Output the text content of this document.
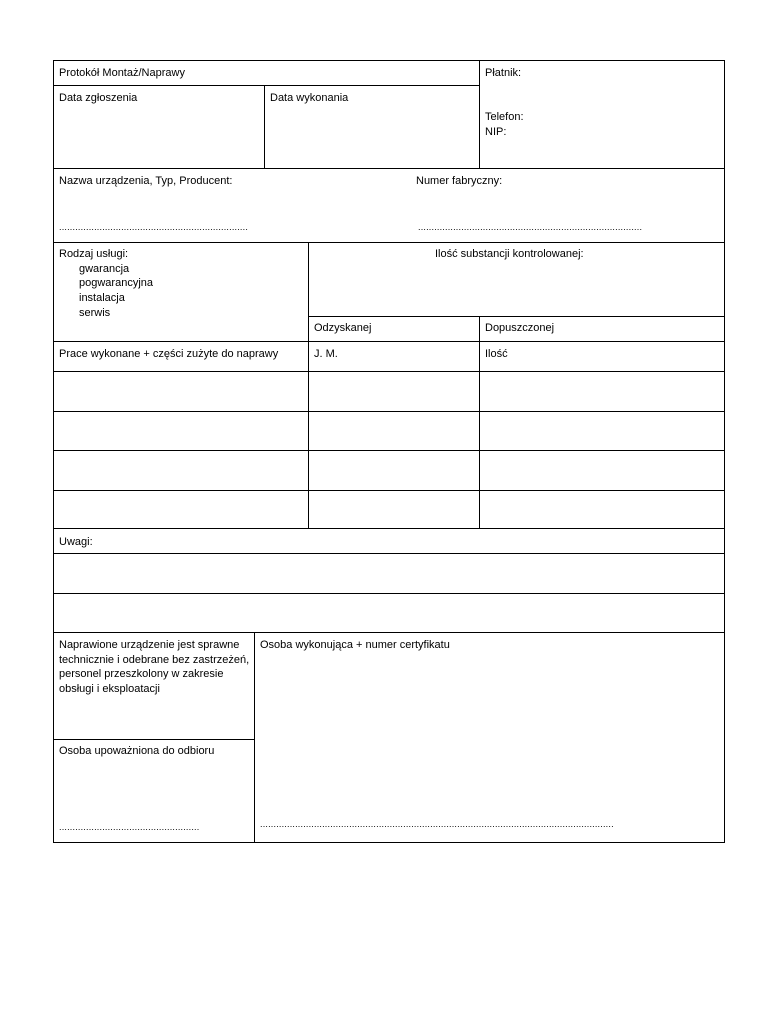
Protokół Montaż/Naprawy
Data zgłoszenia	Data wykonania
Płatnik:
Telefon:
NIP:
Nazwa urządzenia, Typ, Producent:
......................................................................
Numer fabryczny:
...................................................................................
Rodzaj usługi:
gwarancja
pogwarancyjna
instalacja
serwis
Ilość substancji kontrolowanej:
Odzyskanej	Dopuszczonej
Prace wykonane + części zużyte do naprawy	J. M.	Ilość
Uwagi:
Naprawione urządzenie jest sprawne technicznie i odebrane bez zastrzeżeń, personel przeszkolony w zakresie obsługi i eksploatacji
Osoba upoważniona do odbioru
....................................................
Osoba wykonująca + numer certyfikatu
...................................................................................................................................
